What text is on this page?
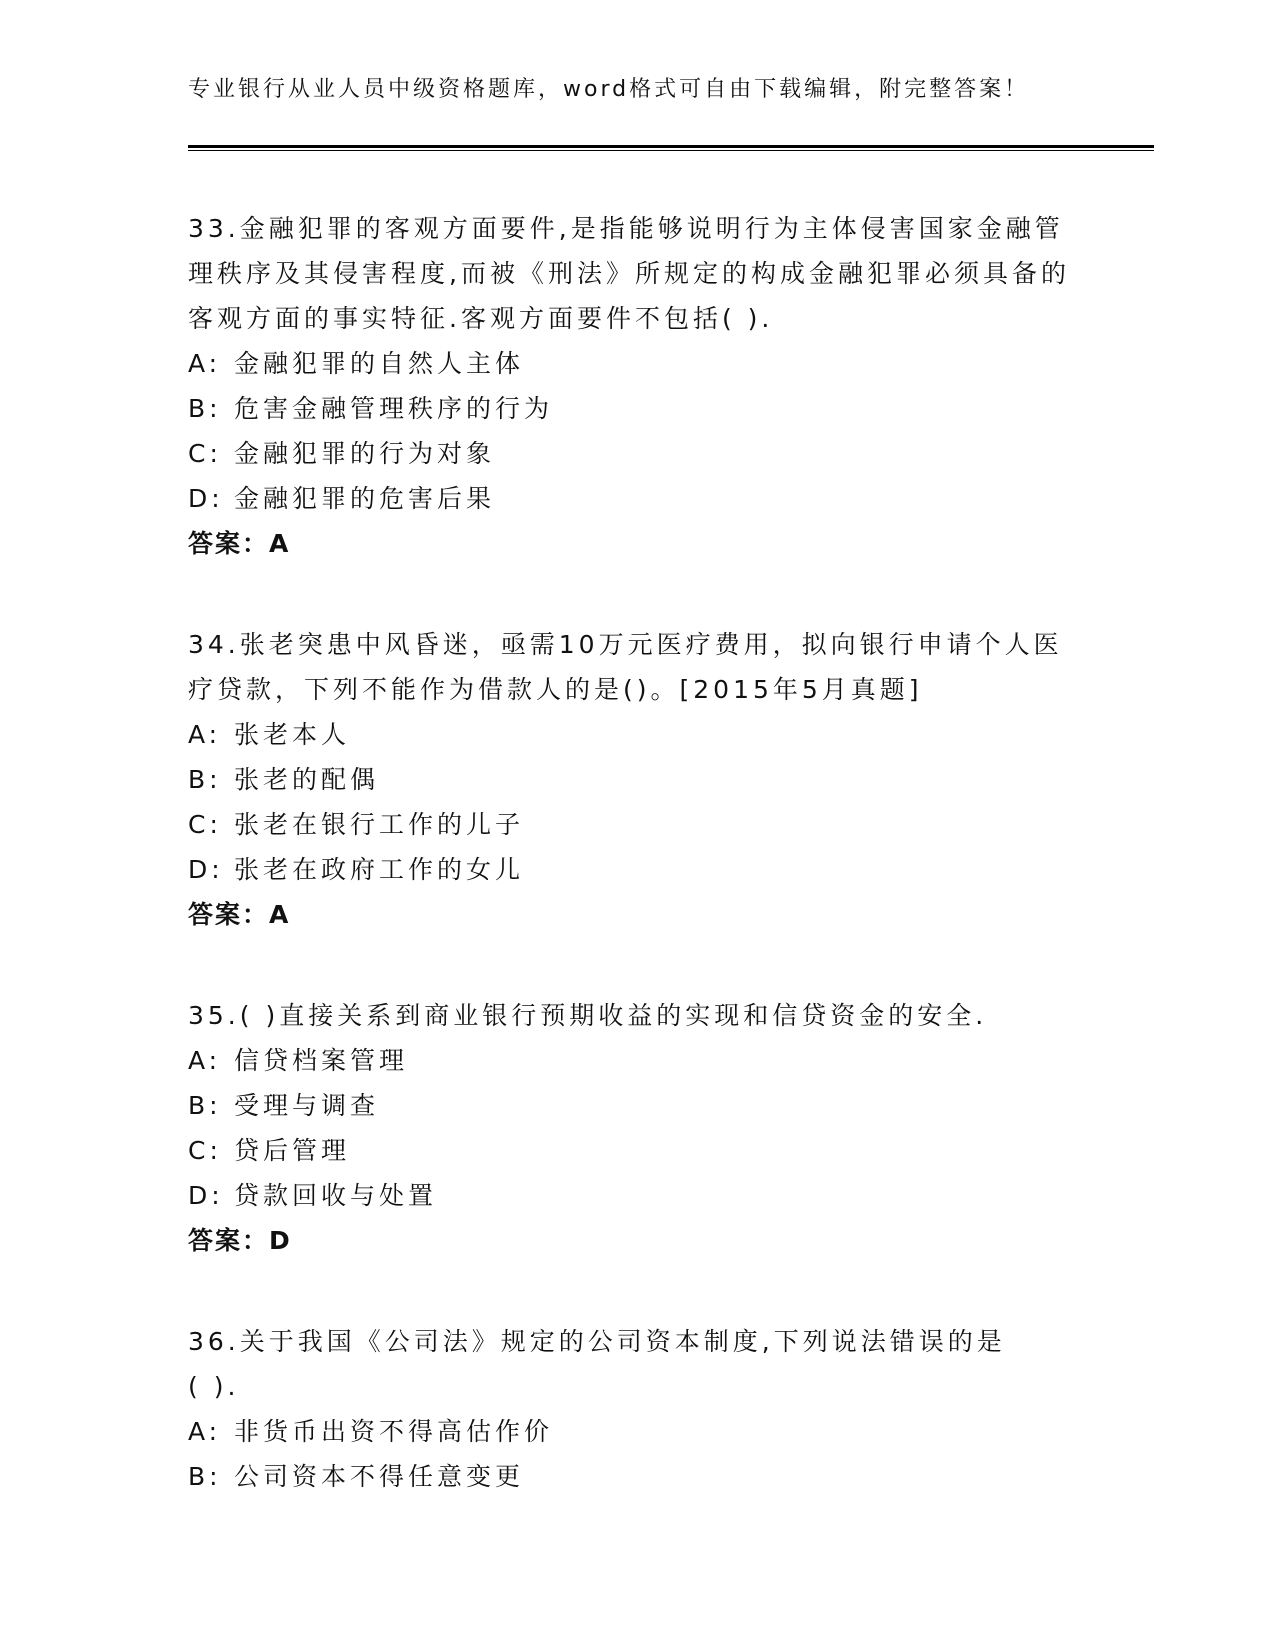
专业银行从业人员中级资格题库，word格式可自由下载编辑，附完整答案！
33.金融犯罪的客观方面要件,是指能够说明行为主体侵害国家金融管
理秩序及其侵害程度,而被《刑法》所规定的构成金融犯罪必须具备的
客观方面的事实特征.客观方面要件不包括( ).
A: 金融犯罪的自然人主体
B: 危害金融管理秩序的行为
C: 金融犯罪的行为对象
D: 金融犯罪的危害后果
答案：A
34.张老突患中风昏迷，亟需10万元医疗费用，拟向银行申请个人医
疗贷款，下列不能作为借款人的是()。[2015年5月真题]
A: 张老本人
B: 张老的配偶
C: 张老在银行工作的儿子
D: 张老在政府工作的女儿
答案：A
35.( )直接关系到商业银行预期收益的实现和信贷资金的安全.
A: 信贷档案管理
B: 受理与调查
C: 贷后管理
D: 贷款回收与处置
答案：D
36.关于我国《公司法》规定的公司资本制度,下列说法错误的是
( ).
A: 非货币出资不得高估作价
B: 公司资本不得任意变更
